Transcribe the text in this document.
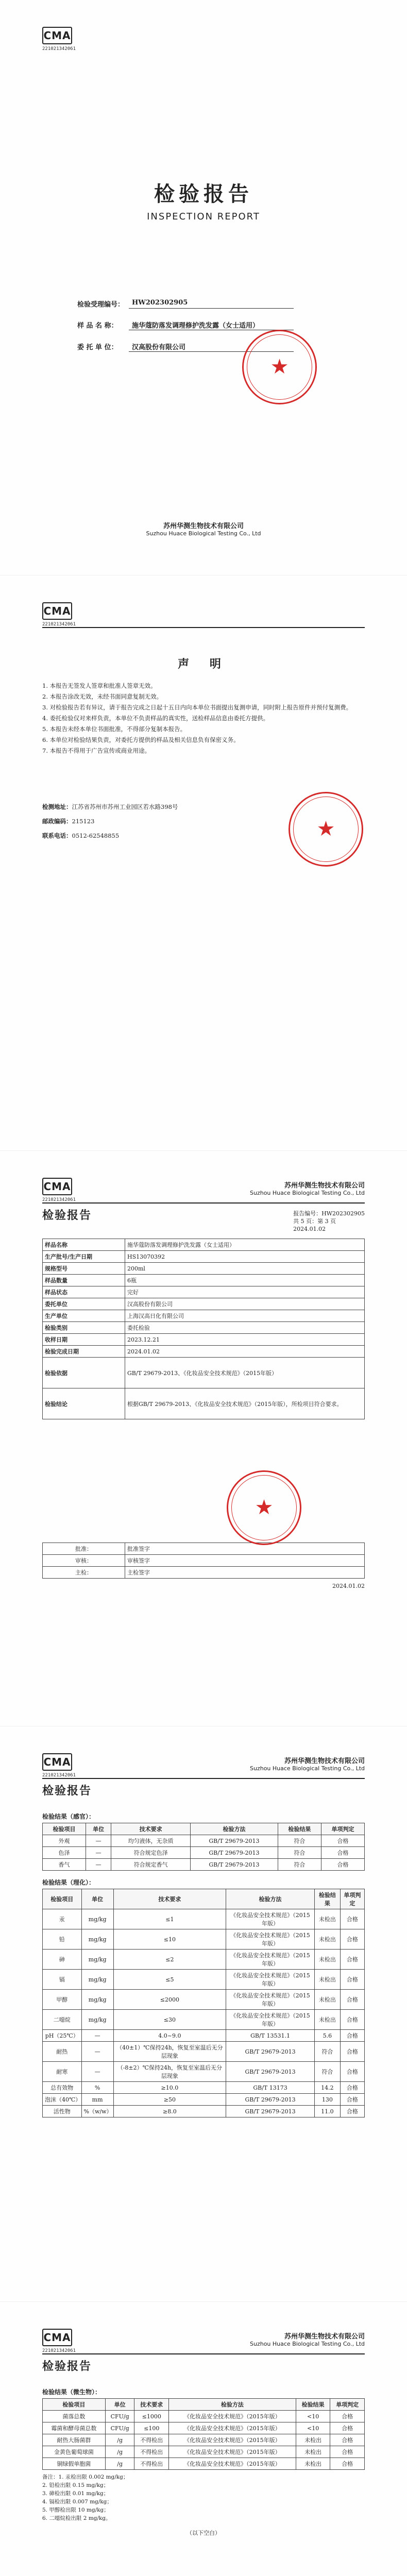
C MA
221021342061
检验报告
INSPECTION REPORT
检验受理编号：	HW202302905
样 品 名 称：	施华蔻防落发调理修护洗发露（女士适用）
委 托 单 位：	汉高股份有限公司
★
苏州华测生物技术有限公司
Suzhou Huace Biological Testing Co., Ltd
C MA
221021342061
声 明
1. 本报告无签发人签章和批准人签章无效。
2. 本报告涂改无效，未经书面同意复制无效。
3. 对检验报告若有异议，请于报告完成之日起十五日内向本单位书面提出复测申请，同时附上报告原件并预付复测费。
4. 委托检验仅对来样负责，本单位不负责样品的真实性，送检样品信息由委托方提供。
5. 本报告未经本单位书面批准，不得部分复制本报告。
6. 本单位对检验结果负责，对委托方提供的样品及相关信息负有保密义务。
7. 本报告不得用于广告宣传或商业用途。
检测地址：江苏省苏州市苏州工业园区若水路398号
邮政编码：215123
联系电话：0512-62548855	★
C MA
221021342061
苏州华测生物技术有限公司
Suzhou Huace Biological Testing Co., Ltd
检验报告	报告编号：HW202302905
共 5 页：第 3 页
2024.01.02
样品名称	施华蔻防落发调理修护洗发露（女士适用）
生产批号/生产日期	HS13070392
规格型号	200ml
样品数量	6瓶
样品状态	完好
委托单位	汉高股份有限公司
生产单位	上海汉高日化有限公司
检验类别	委托检验
收样日期	2023.12.21
检验完成日期	2024.01.02
检验依据	GB/T 29679-2013、《化妆品安全技术规范》（2015年版）
检验结论	根据GB/T 29679-2013、《化妆品安全技术规范》（2015年版），所检项目符合要求。
批准：	批准签字
审核：	审核签字
主检：	主检签字
2024.01.02
★
C MA
221021342061
苏州华测生物技术有限公司
Suzhou Huace Biological Testing Co., Ltd
检验报告
检验结果（感官）：
检验项目	单位	技术要求	检验方法	检验结果	单项判定
外观	—	均匀液体，无杂质	GB/T 29679-2013	符合	合格
色泽	—	符合规定色泽	GB/T 29679-2013	符合	合格
香气	—	符合规定香气	GB/T 29679-2013	符合	合格
检验结果（理化）：
检验项目	单位	技术要求	检验方法	检验结果	单项判定
汞	mg/kg	≤1	《化妆品安全技术规范》（2015年版）	未检出	合格
铅	mg/kg	≤10	《化妆品安全技术规范》（2015年版）	未检出	合格
砷	mg/kg	≤2	《化妆品安全技术规范》（2015年版）	未检出	合格
镉	mg/kg	≤5	《化妆品安全技术规范》（2015年版）	未检出	合格
甲醇	mg/kg	≤2000	《化妆品安全技术规范》（2015年版）	未检出	合格
二噁烷	mg/kg	≤30	《化妆品安全技术规范》（2015年版）	未检出	合格
pH（25℃）	—	4.0~9.0	GB/T 13531.1	5.6	合格
耐热	—	（40±1）℃保持24h，恢复至室温后无分层现象	GB/T 29679-2013	符合	合格
耐寒	—	（-8±2）℃保持24h，恢复至室温后无分层现象	GB/T 29679-2013	符合	合格
总有效物	%	≥10.0	GB/T 13173	14.2	合格
泡沫（40℃）	mm	≥50	GB/T 29679-2013	130	合格
活性物	%（w/w）	≥8.0	GB/T 29679-2013	11.0	合格
C MA
221021342061
苏州华测生物技术有限公司
Suzhou Huace Biological Testing Co., Ltd
检验报告
检验结果（微生物）：
检验项目	单位	技术要求	检验方法	检验结果	单项判定
菌落总数	CFU/g	≤1000	《化妆品安全技术规范》（2015年版）	<10	合格
霉菌和酵母菌总数	CFU/g	≤100	《化妆品安全技术规范》（2015年版）	<10	合格
耐热大肠菌群	/g	不得检出	《化妆品安全技术规范》（2015年版）	未检出	合格
金黄色葡萄球菌	/g	不得检出	《化妆品安全技术规范》（2015年版）	未检出	合格
铜绿假单胞菌	/g	不得检出	《化妆品安全技术规范》（2015年版）	未检出	合格
备注：1. 汞检出限 0.002 mg/kg；
2. 铅检出限 0.15 mg/kg；
3. 砷检出限 0.01 mg/kg；
4. 镉检出限 0.007 mg/kg；
5. 甲醇检出限 10 mg/kg；
6. 二噁烷检出限 2 mg/kg。
（以下空白）
